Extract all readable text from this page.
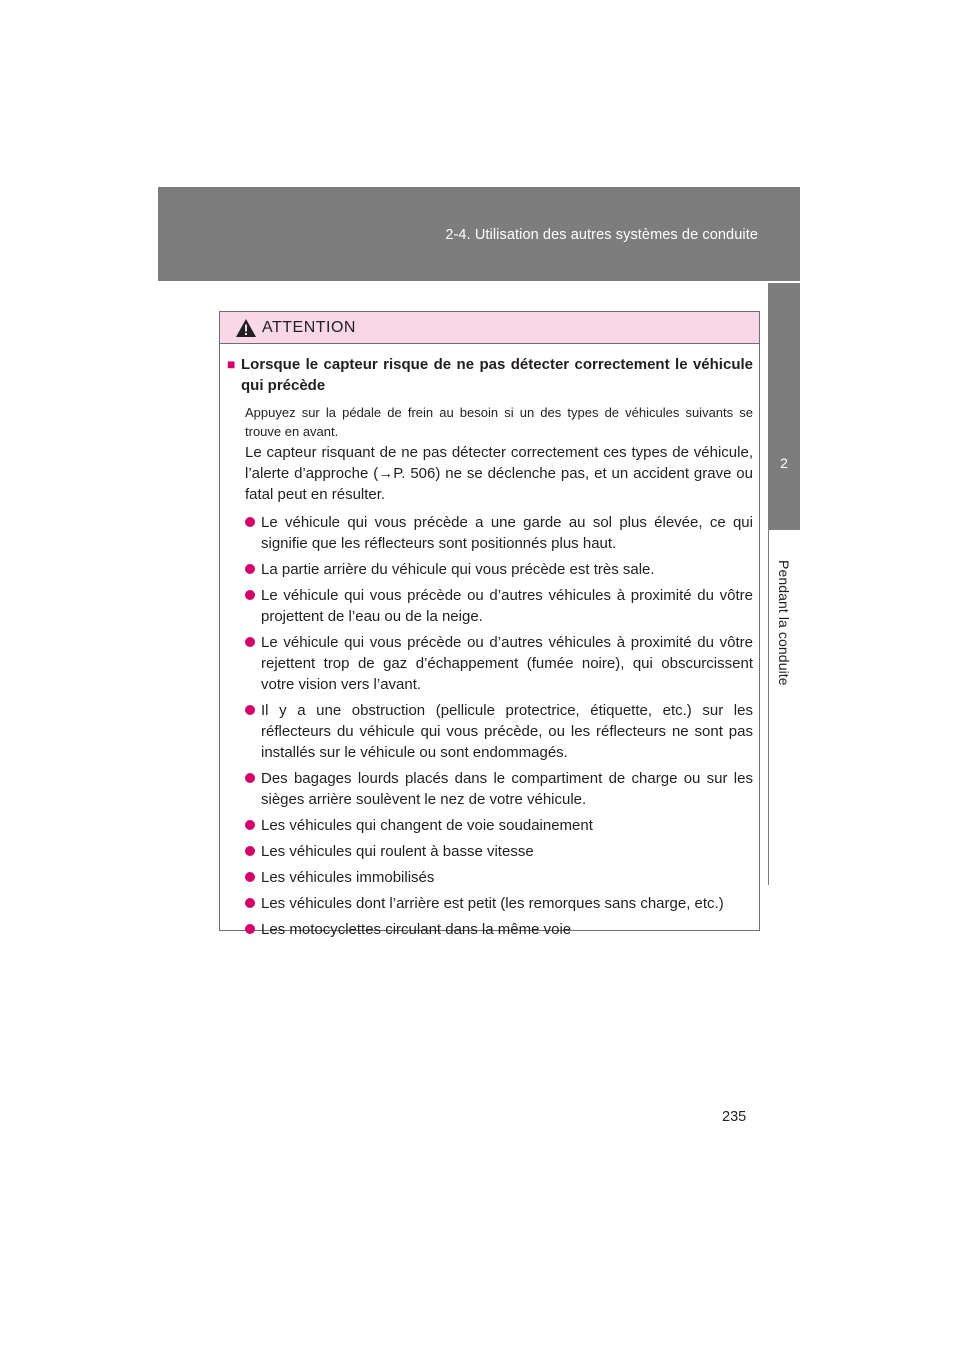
2-4. Utilisation des autres systèmes de conduite
2
Pendant la conduite
ATTENTION
■ Lorsque le capteur risque de ne pas détecter correctement le véhicule qui précède

Appuyez sur la pédale de frein au besoin si un des types de véhicules suivants se trouve en avant.

Le capteur risquant de ne pas détecter correctement ces types de véhicule, l’alerte d’approche (→P. 506) ne se déclenche pas, et un accident grave ou fatal peut en résulter.

Le véhicule qui vous précède a une garde au sol plus élevée, ce qui signifie que les réflecteurs sont positionnés plus haut.
La partie arrière du véhicule qui vous précède est très sale.
Le véhicule qui vous précède ou d’autres véhicules à proximité du vôtre projettent de l’eau ou de la neige.
Le véhicule qui vous précède ou d’autres véhicules à proximité du vôtre rejettent trop de gaz d’échappement (fumée noire), qui obscurcissent votre vision vers l’avant.
Il y a une obstruction (pellicule protectrice, étiquette, etc.) sur les réflecteurs du véhicule qui vous précède, ou les réflecteurs ne sont pas installés sur le véhicule ou sont endommagés.
Des bagages lourds placés dans le compartiment de charge ou sur les sièges arrière soulèvent le nez de votre véhicule.
Les véhicules qui changent de voie soudainement
Les véhicules qui roulent à basse vitesse
Les véhicules immobilisés
Les véhicules dont l’arrière est petit (les remorques sans charge, etc.)
Les motocyclettes circulant dans la même voie
235
